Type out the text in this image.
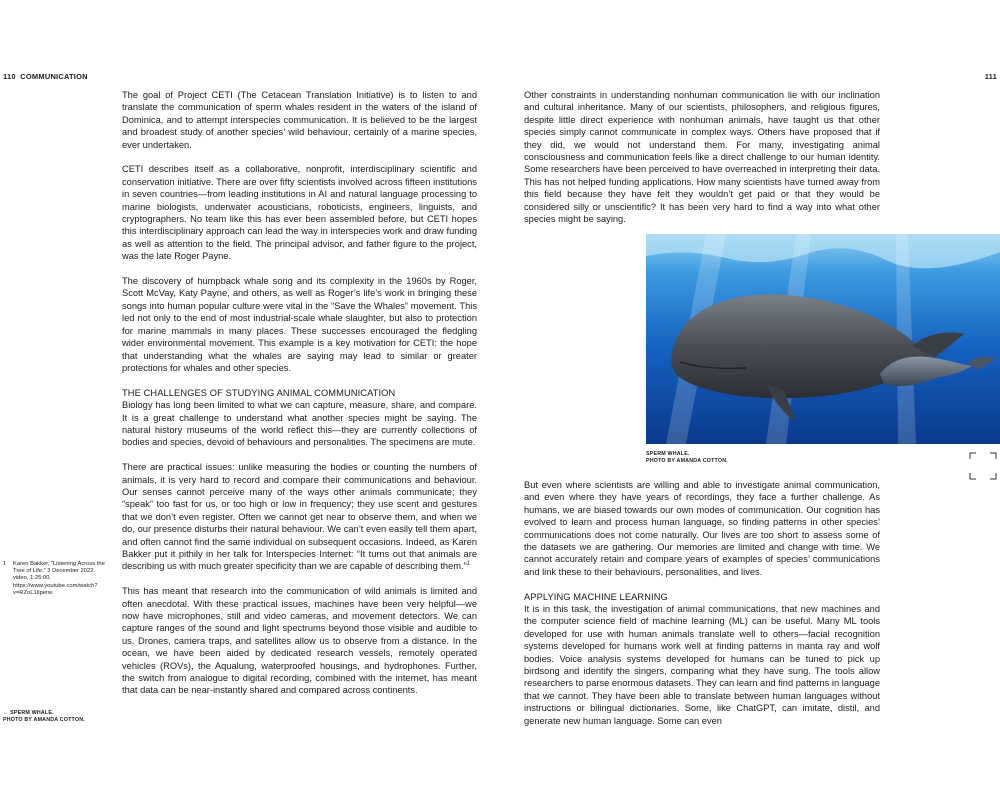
110 COMMUNICATION

The goal of Project CETI (The Cetacean Translation Initiative) is to listen to and translate the communication of sperm whales resident in the waters of the island of Dominica, and to attempt interspecies communication. It is believed to be the largest and broadest study of another species’ wild behaviour, certainly of a marine species, ever undertaken.

CETI describes itself as a collaborative, nonprofit, interdisciplinary scientific and conservation initiative. There are over fifty scientists involved across fifteen institutions in seven countries—from leading institutions in AI and natural language processing to marine biologists, underwater acousticians, roboticists, engineers, linguists, and cryptographers. No team like this has ever been assembled before, but CETI hopes this interdisciplinary approach can lead the way in interspecies work and draw funding as well as attention to the field. The principal advisor, and father figure to the project, was the late Roger Payne.

The discovery of humpback whale song and its complexity in the 1960s by Roger, Scott McVay, Katy Payne, and others, as well as Roger’s life’s work in bringing these songs into human popular culture were vital in the “Save the Whales” movement. This led not only to the end of most industrial-scale whale slaughter, but also to protection for marine mammals in many places. These successes encouraged the fledgling wider environmental movement. This example is a key motivation for CETI: the hope that understanding what the whales are saying may lead to similar or greater protections for whales and other species.

THE CHALLENGES OF STUDYING ANIMAL COMMUNICATION

Biology has long been limited to what we can capture, measure, share, and compare. It is a great challenge to understand what another species might be saying. The natural history museums of the world reflect this—they are currently collections of bodies and species, devoid of behaviours and personalities. The specimens are mute.

There are practical issues: unlike measuring the bodies or counting the numbers of animals, it is very hard to record and compare their communications and behaviour. Our senses cannot perceive many of the ways other animals communicate; they “speak” too fast for us, or too high or low in frequency; they use scent and gestures that we don’t even register. Often we cannot get near to observe them, and when we do, our presence disturbs their natural behaviour. We can’t even easily tell them apart, and often cannot find the same individual on subsequent occasions. Indeed, as Karen Bakker put it pithily in her talk for Interspecies Internet: “It turns out that animals are describing us with much greater specificity than we are capable of describing them.”$^1$

This has meant that research into the communication of wild animals is limited and often anecdotal. With these practical issues, machines have been very helpful—we now have microphones, still and video cameras, and movement detectors. We can capture ranges of the sound and light spectrums beyond those visible and audible to us. Drones, camera traps, and satellites allow us to observe from a distance. In the ocean, we have been aided by dedicated research vessels, remotely operated vehicles (ROVs), the Aqualung, waterproofed housings, and hydrophones. Further, the switch from analogue to digital recording, combined with the internet, has meant that data can be near-instantly shared and compared across continents.

1 Karen Bakker, “Listening Across the Tree of Life,” 3 December 2022, video, 1:25:00. https://www.youtube.com/watch?v=RZoL1Ilperw.
← SPERM WHALE.
PHOTO BY AMANDA COTTON.
111

Other constraints in understanding nonhuman communication lie with our inclination and cultural inheritance. Many of our scientists, philosophers, and religious figures, despite little direct experience with nonhuman animals, have taught us that other species simply cannot communicate in complex ways. Others have proposed that if they did, we would not understand them. For many, investigating animal consciousness and communication feels like a direct challenge to our human identity. Some researchers have been perceived to have overreached in interpreting their data. This has not helped funding applications. How many scientists have turned away from this field because they have felt they wouldn’t get paid or that they would be considered silly or unscientific? It has been very hard to find a way into what other species might be saying.

SPERM WHALE.
PHOTO BY AMANDA COTTON.

But even where scientists are willing and able to investigate animal communication, and even where they have years of recordings, they face a further challenge. As humans, we are biased towards our own modes of communication. Our cognition has evolved to learn and process human language, so finding patterns in other species’ communications does not come naturally. Our lives are too short to assess some of the datasets we are gathering. Our memories are limited and change with time. We cannot accurately retain and compare years of examples of species’ communications and link these to their behaviours, personalities, and lives.

APPLYING MACHINE LEARNING

It is in this task, the investigation of animal communications, that new machines and the computer science field of machine learning (ML) can be useful. Many ML tools developed for use with human animals translate well to others—facial recognition systems developed for humans work well at finding patterns in manta ray and wolf bodies. Voice analysis systems developed for humans can be tuned to pick up birdsong and identify the singers, comparing what they have sung. The tools allow researchers to parse enormous datasets. They can learn and find patterns in language that we cannot. They have been able to translate between human languages without instructions or bilingual dictionaries. Some, like ChatGPT, can imitate, distil, and generate new human language. Some can even
